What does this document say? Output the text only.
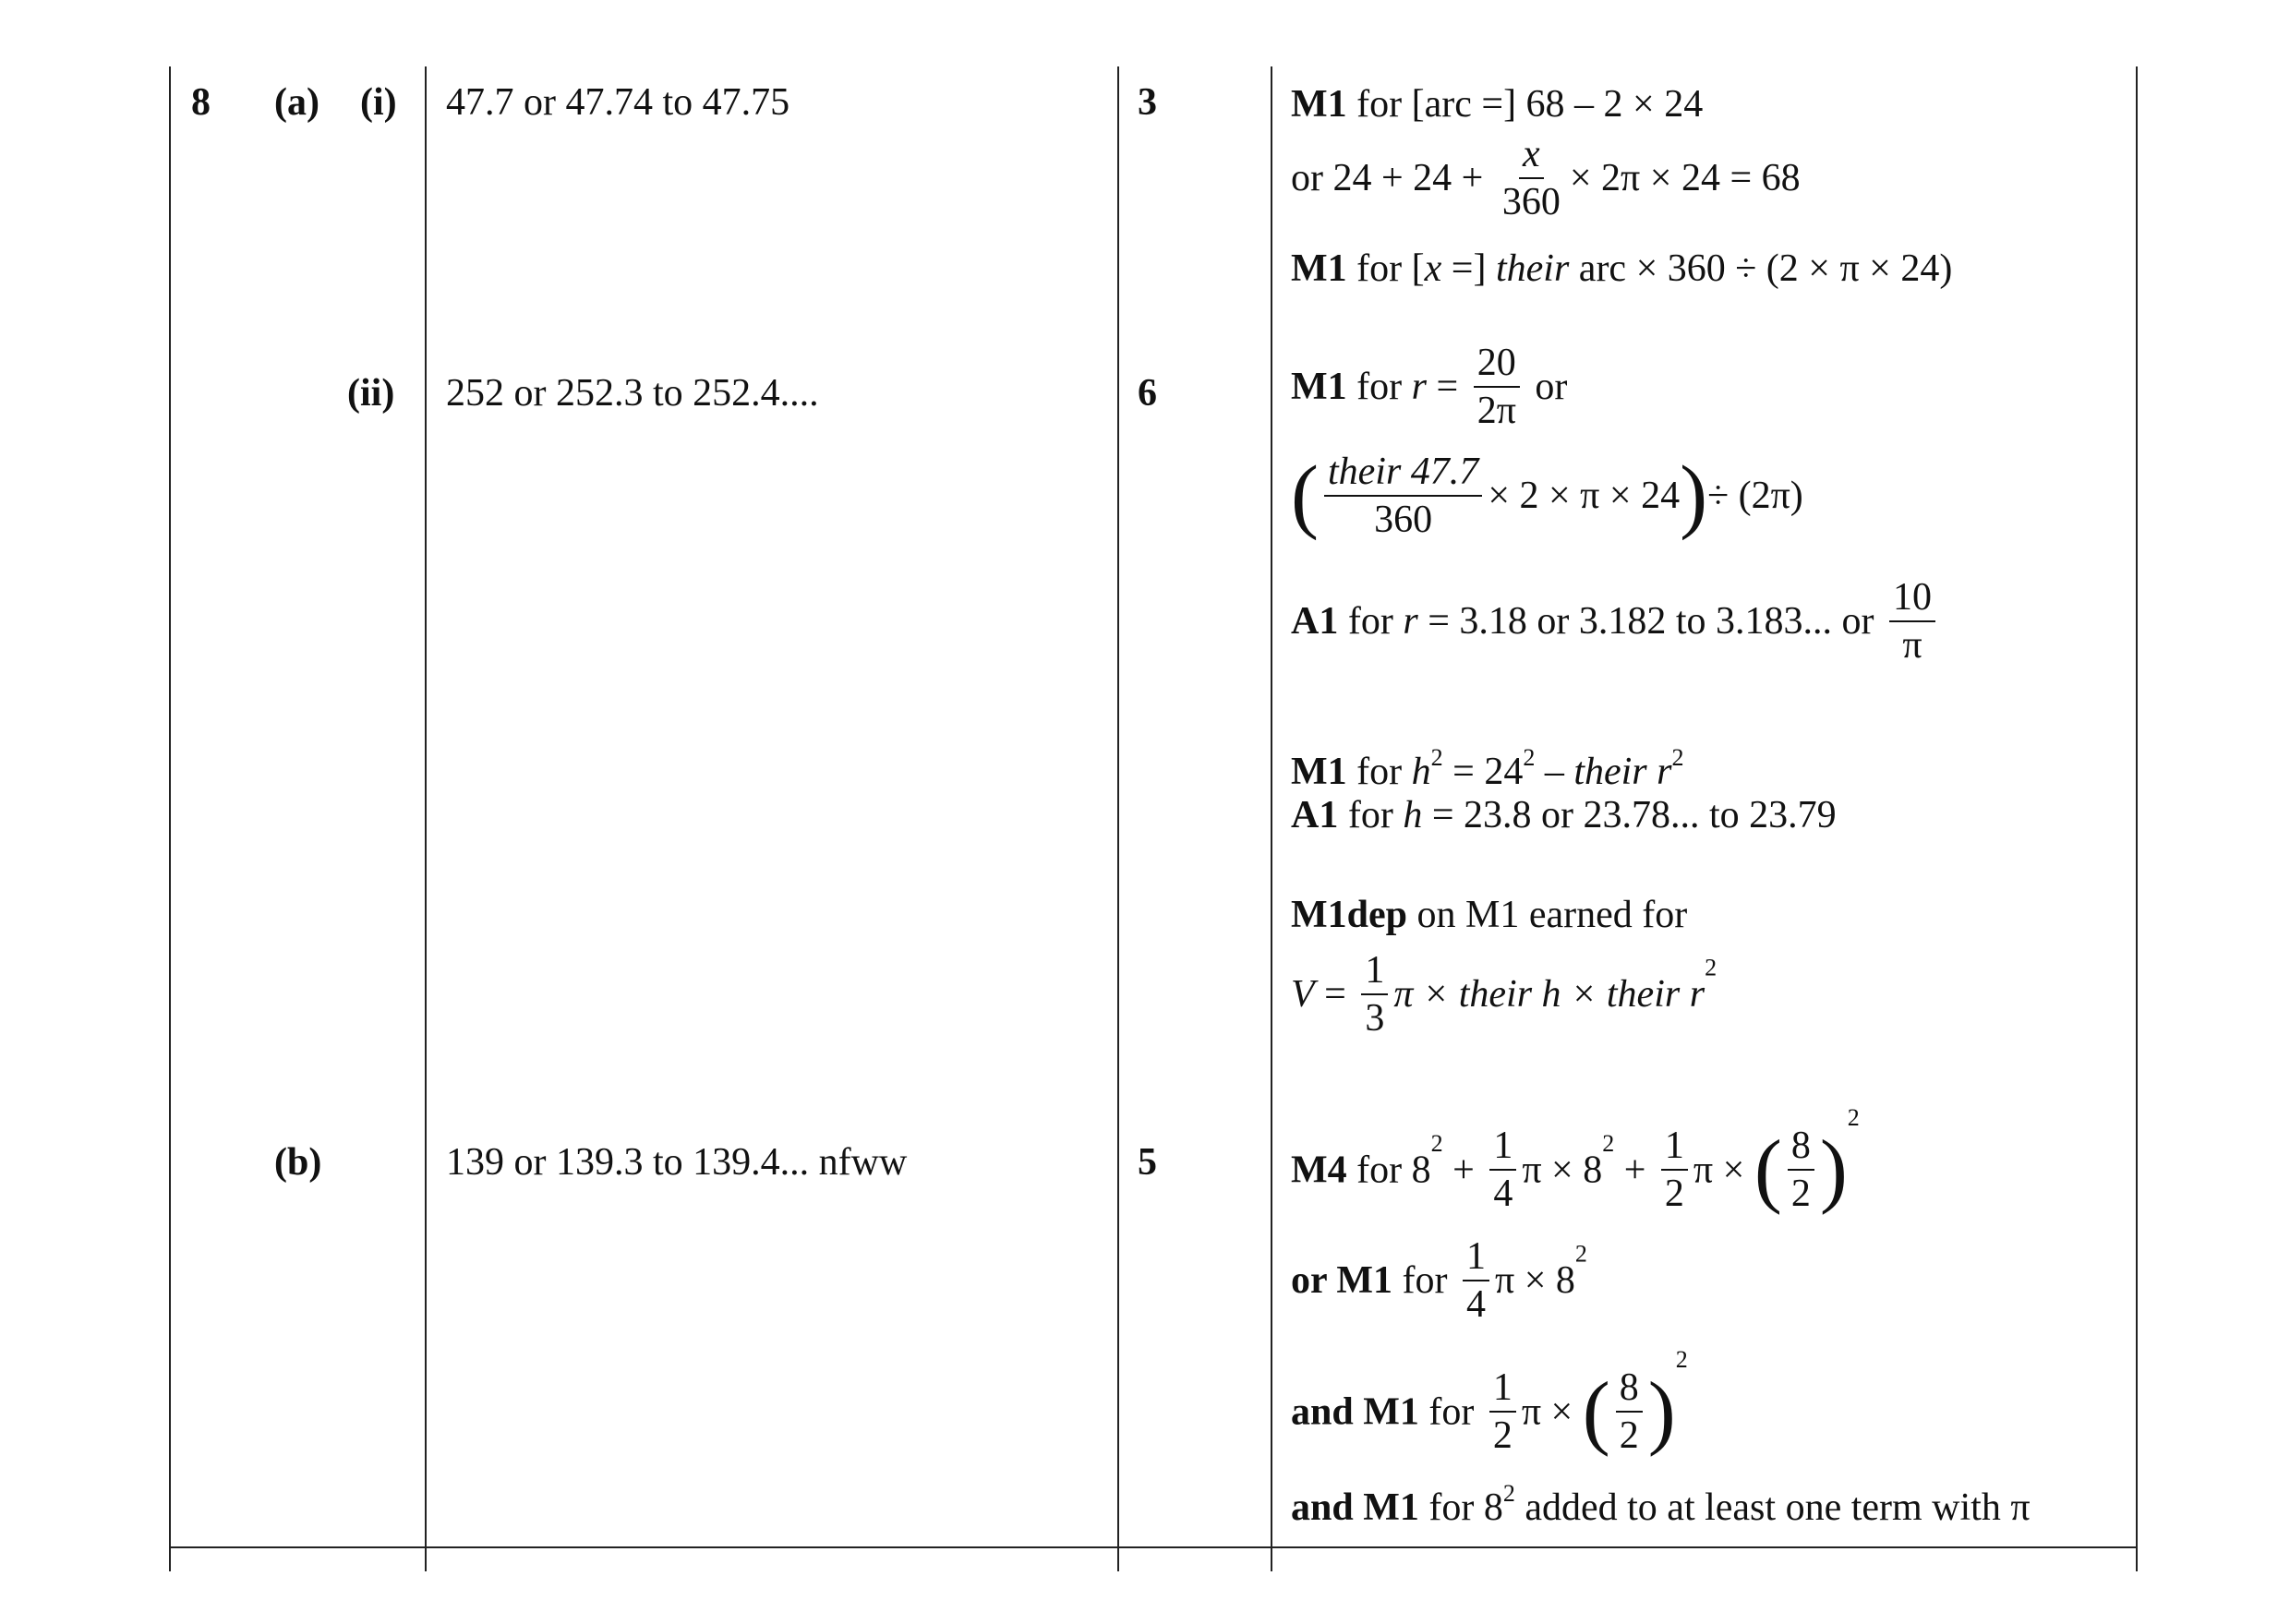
8 (a) (i)
(ii)
(b)
47.7 or 47.74 to 47.75
252 or 252.3 to 252.4....
139 or 139.3 to 139.4... nfww
3
6
5
M1 for [arc =] 68 – 2 × 24
or $24 + 24 + \frac{x}{360} \times 2\pi \times 24 = 68$
M1 for [x =] their arc × 360 ÷ (2 × π × 24)
M1 for $r = \frac{20}{2\pi}$ or
( $\frac{\text{their 47.7}}{360} \times 2 \times \pi \times 24)\div (2\pi)$
A1 for r = 3.18 or 3.182 to 3.183... or $\frac{10}{\pi}$
M1 for $h^2 = 24^2$ – their $r^2$
A1 for h = 23.8 or 23.78... to 23.79
M1dep on M1 earned for
$V = \frac{1}{3}$ π × their h × their $r^2$
M4 for $8^2 + \frac{1}{4}$ $\pi \times 8^2 + \frac{1}{2}$ π × ( $\frac{8}{2} )^2$
or M1 for $\frac{1}{4}$ $\pi \times 8^2$
and M1 for $\frac{1}{2}$ π × ( $\frac{8}{2} )^2$
and M1 for $8^2$ added to at least one term with π
